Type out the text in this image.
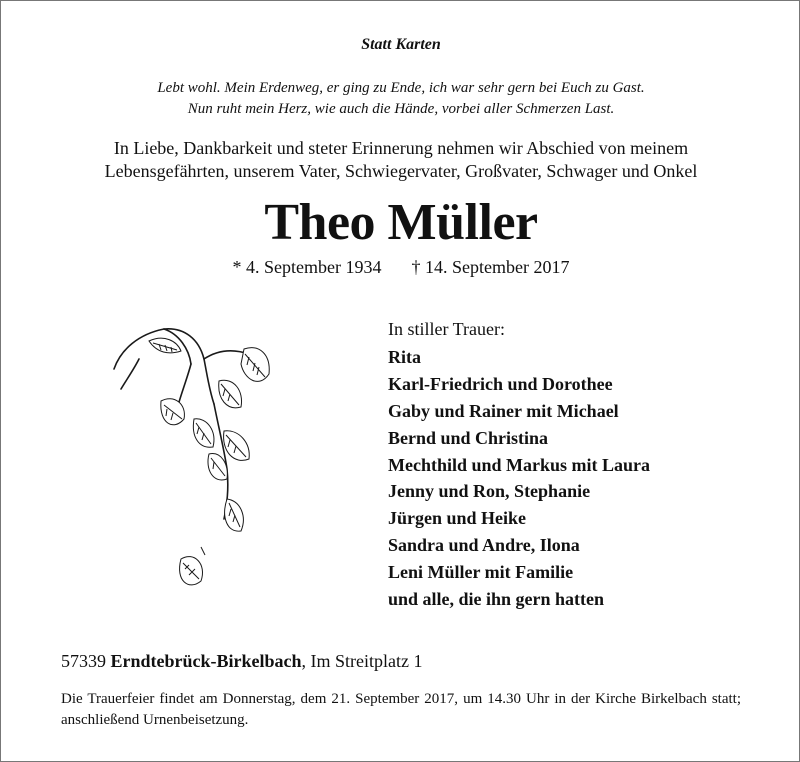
Statt Karten
Lebt wohl. Mein Erdenweg, er ging zu Ende, ich war sehr gern bei Euch zu Gast.
Nun ruht mein Herz, wie auch die Hände, vorbei aller Schmerzen Last.
In Liebe, Dankbarkeit und steter Erinnerung nehmen wir Abschied von meinem
Lebensgefährten, unserem Vater, Schwiegervater, Großvater, Schwager und Onkel
Theo Müller
* 4. September 1934 † 14. September 2017
In stiller Trauer:
Rita
Karl-Friedrich und Dorothee
Gaby und Rainer mit Michael
Bernd und Christina
Mechthild und Markus mit Laura
Jenny und Ron, Stephanie
Jürgen und Heike
Sandra und Andre, Ilona
Leni Müller mit Familie
und alle, die ihn gern hatten
57339 Erndtebrück-Birkelbach, Im Streitplatz 1
Die Trauerfeier findet am Donnerstag, dem 21. September 2017, um 14.30 Uhr in der Kirche Birkelbach statt; anschließend Urnenbeisetzung.
